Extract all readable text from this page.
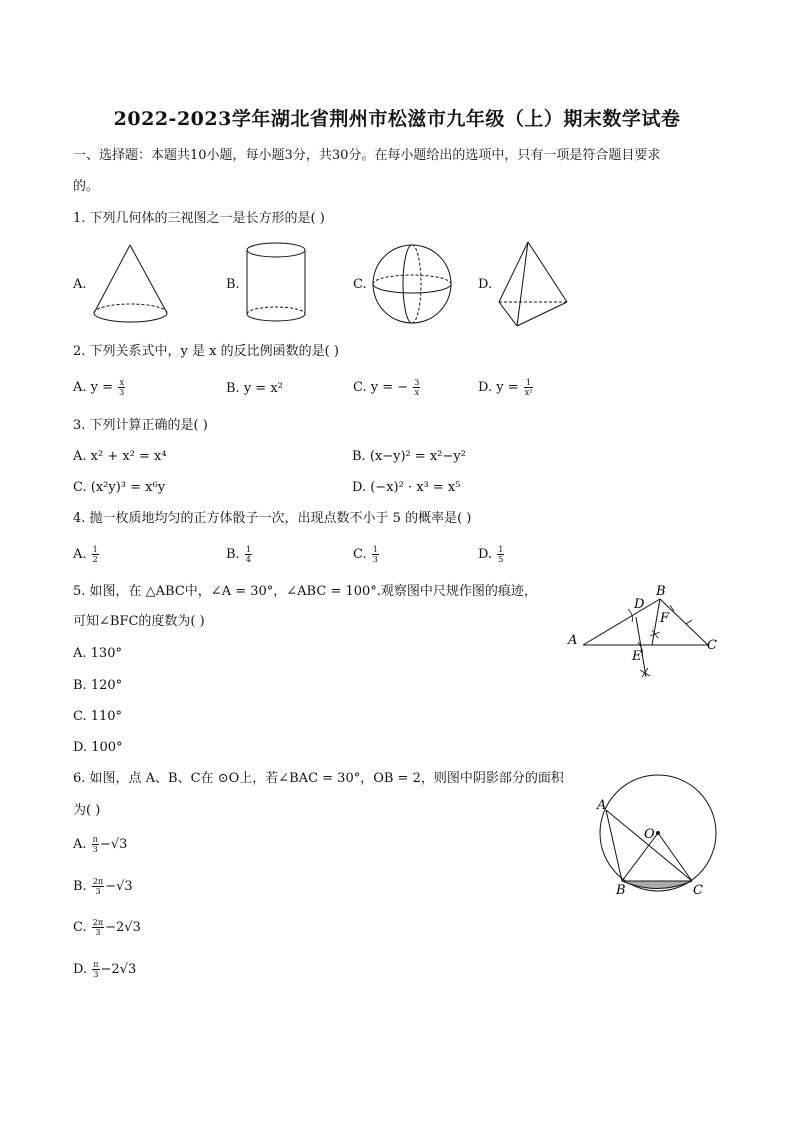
2022-2023学年湖北省荆州市松滋市九年级（上）期末数学试卷
一、选择题：本题共10小题，每小题3分，共30分。在每小题给出的选项中，只有一项是符合题目要求
的。
1. 下列几何体的三视图之一是长方形的是( )
A.	B.	C.	D.
2. 下列关系式中，y 是 x 的反比例函数的是( )
A. $y = \frac{x}{3}$	B. y = x²	C. y = − $\frac{3}{x}$	D. $y = \frac{1}{\text{x²}}$
3. 下列计算正确的是( )
A. x² + x² = x⁴	B. (x−y)² = x²−y²
C. (x²y)³ = x⁶y	D. (−x)² · x³ = x⁵
4. 抛一枚质地均匀的正方体骰子一次，出现点数不小于 5 的概率是( )
A. $\frac{1}{2}$	B. $\frac{1}{4}$	C. $\frac{1}{3}$	D. $\frac{1}{5}$
5. 如图，在 △ABC中，∠A = 30°，∠ABC = 100°.观察图中尺规作图的痕迹，
可知∠BFC的度数为( )
A. 130°
B. 120°
C. 110°
D. 100°
A
B
C
D
E
F
6. 如图，点 A、B、C在 ⊙O上，若∠BAC = 30°，OB = 2，则图中阴影部分的面积
为( )
A. $\frac{\pi}{3} -√3$
B. $\frac{2\pi}{3} -√3$
C. $\frac{2\pi}{3} -2√3$
D. $\frac{\pi}{3} -2√3$
A
O
B	C
